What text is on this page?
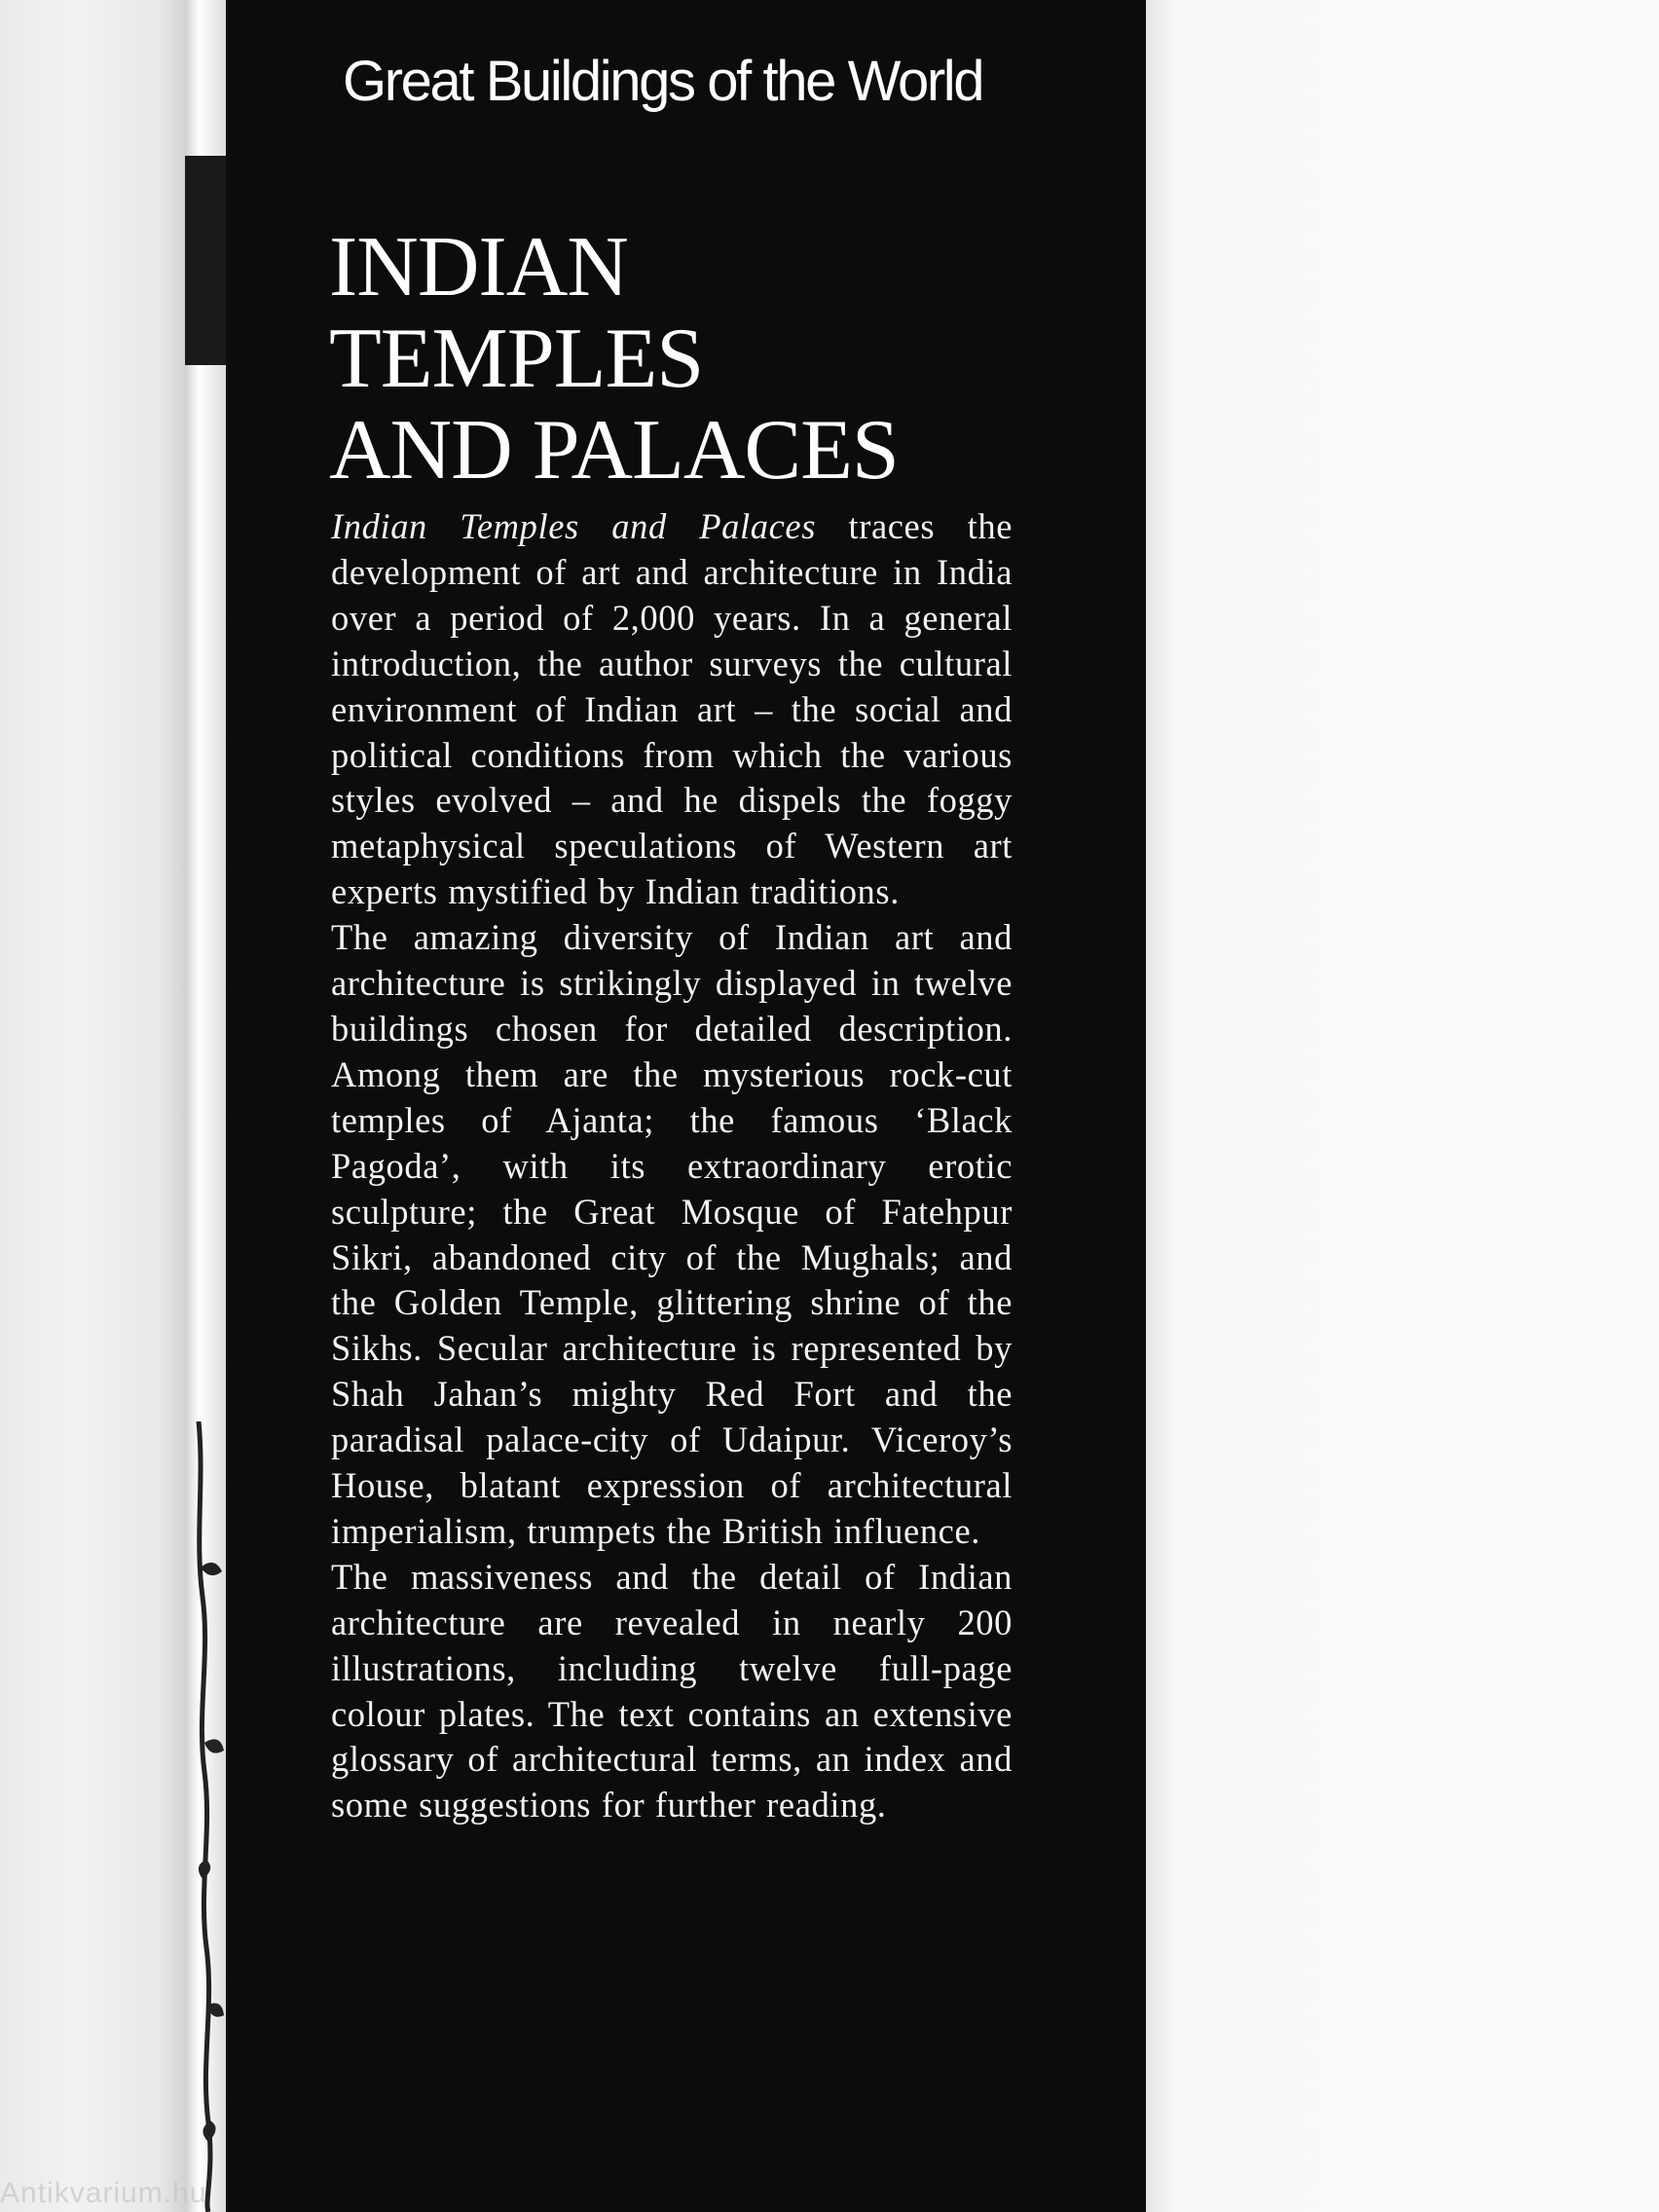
Antikvarium.hu
Great Buildings of the World
INDIAN
TEMPLES
AND PALACES

Indian Temples and Palaces traces the development of art and architecture in India over a period of 2,000 years. In a general introduction, the author surveys the cultural environment of Indian art – the social and political conditions from which the various styles evolved – and he dispels the foggy metaphysical speculations of Western art experts mystified by Indian traditions.

The amazing diversity of Indian art and architecture is strikingly displayed in twelve buildings chosen for detailed description. Among them are the mysterious rock-cut temples of Ajanta; the famous ‘Black Pagoda’, with its extraordinary erotic sculpture; the Great Mosque of Fatehpur Sikri, abandoned city of the Mughals; and the Golden Temple, glittering shrine of the Sikhs. Secular architecture is represented by Shah Jahan’s mighty Red Fort and the paradisal palace-city of Udaipur. Viceroy’s House, blatant expression of architectural imperialism, trumpets the British influence.

The massiveness and the detail of Indian architecture are revealed in nearly 200 illustrations, including twelve full-page colour plates. The text contains an extensive glossary of architectural terms, an index and some suggestions for further reading.
